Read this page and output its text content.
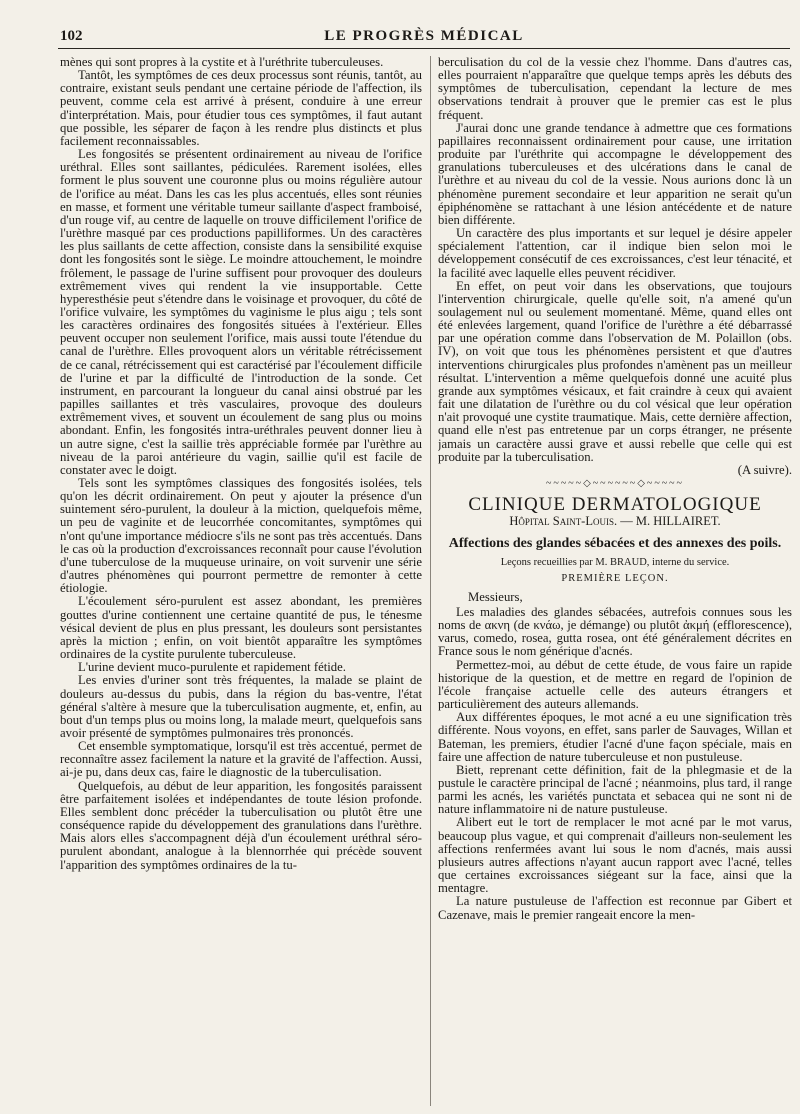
102	LE PROGRÈS MÉDICAL

mènes qui sont propres à la cystite et à l'uréthrite tuberculeuses.

Tantôt, les symptômes de ces deux processus sont réunis, tantôt, au contraire, existant seuls pendant une certaine période de l'affection, ils peuvent, comme cela est arrivé à présent, conduire à une erreur d'interprétation. Mais, pour étudier tous ces symptômes, il faut autant que possible, les séparer de façon à les rendre plus distincts et plus facilement reconnaissables.

Les fongosités se présentent ordinairement au niveau de l'orifice uréthral. Elles sont saillantes, pédiculées. Rarement isolées, elles forment le plus souvent une couronne plus ou moins régulière autour de l'orifice au méat. Dans les cas les plus accentués, elles sont réunies en masse, et forment une véritable tumeur saillante d'aspect framboisé, d'un rouge vif, au centre de laquelle on trouve difficilement l'orifice de l'urèthre masqué par ces productions papilliformes. Un des caractères les plus saillants de cette affection, consiste dans la sensibilité exquise dont les fongosités sont le siège. Le moindre attouchement, le moindre frôlement, le passage de l'urine suffisent pour provoquer des douleurs extrêmement vives qui rendent la vie insupportable. Cette hyperesthésie peut s'étendre dans le voisinage et provoquer, du côté de l'orifice vulvaire, les symptômes du vaginisme le plus aigu ; tels sont les caractères ordinaires des fongosités situées à l'extérieur. Elles peuvent occuper non seulement l'orifice, mais aussi toute l'étendue du canal de l'urèthre. Elles provoquent alors un véritable rétrécissement de ce canal, rétrécissement qui est caractérisé par l'écoulement difficile de l'urine et par la difficulté de l'introduction de la sonde. Cet instrument, en parcourant la longueur du canal ainsi obstrué par les papilles saillantes et très vasculaires, provoque des douleurs extrêmement vives, et souvent un écoulement de sang plus ou moins abondant. Enfin, les fongosités intra-uréthrales peuvent donner lieu à un autre signe, c'est la saillie très appréciable formée par l'urèthre au niveau de la paroi antérieure du vagin, saillie qu'il est facile de constater avec le doigt.

Tels sont les symptômes classiques des fongosités isolées, tels qu'on les décrit ordinairement. On peut y ajouter la présence d'un suintement séro-purulent, la douleur à la miction, quelquefois même, un peu de vaginite et de leucorrhée concomitantes, symptômes qui n'ont qu'une importance médiocre s'ils ne sont pas très accentués. Dans le cas où la production d'excroissances reconnaît pour cause l'évolution d'une tuberculose de la muqueuse urinaire, on voit survenir une série d'autres phénomènes qui pourront permettre de remonter à cette étiologie.

L'écoulement séro-purulent est assez abondant, les premières gouttes d'urine contiennent une certaine quantité de pus, le ténesme vésical devient de plus en plus pressant, les douleurs sont persistantes après la miction ; enfin, on voit bientôt apparaître les symptômes ordinaires de la cystite purulente tuberculeuse.

L'urine devient muco-purulente et rapidement fétide.

Les envies d'uriner sont très fréquentes, la malade se plaint de douleurs au-dessus du pubis, dans la région du bas-ventre, l'état général s'altère à mesure que la tuberculisation augmente, et, enfin, au bout d'un temps plus ou moins long, la malade meurt, quelquefois sans avoir présenté de symptômes pulmonaires très prononcés.

Cet ensemble symptomatique, lorsqu'il est très accentué, permet de reconnaître assez facilement la nature et la gravité de l'affection. Aussi, ai-je pu, dans deux cas, faire le diagnostic de la tuberculisation.

Quelquefois, au début de leur apparition, les fongosités paraissent être parfaitement isolées et indépendantes de toute lésion profonde. Elles semblent donc précéder la tuberculisation ou plutôt être une conséquence rapide du développement des granulations dans l'urèthre. Mais alors elles s'accompagnent déjà d'un écoulement uréthral séro-purulent abondant, analogue à la blennorrhée qui précède souvent l'apparition des symptômes ordinaires de la tu-

berculisation du col de la vessie chez l'homme. Dans d'autres cas, elles pourraient n'apparaître que quelque temps après les débuts des symptômes de tuberculisation, cependant la lecture de mes observations tendrait à prouver que le premier cas est le plus fréquent.

J'aurai donc une grande tendance à admettre que ces formations papillaires reconnaissent ordinairement pour cause, une irritation produite par l'uréthrite qui accompagne le développement des granulations tuberculeuses et des ulcérations dans le canal de l'urèthre et au niveau du col de la vessie. Nous aurions donc là un phénomène purement secondaire et leur apparition ne serait qu'un épiphénomène se rattachant à une lésion antécédente et de nature bien différente.

Un caractère des plus importants et sur lequel je désire appeler spécialement l'attention, car il indique bien selon moi le développement consécutif de ces excroissances, c'est leur ténacité, et la facilité avec laquelle elles peuvent récidiver.

En effet, on peut voir dans les observations, que toujours l'intervention chirurgicale, quelle qu'elle soit, n'a amené qu'un soulagement nul ou seulement momentané. Même, quand elles ont été enlevées largement, quand l'orifice de l'urèthre a été débarrassé par une opération comme dans l'observation de M. Polaillon (obs. IV), on voit que tous les phénomènes persistent et que d'autres interventions chirurgicales plus profondes n'amènent pas un meilleur résultat. L'intervention a même quelquefois donné une acuité plus grande aux symptômes vésicaux, et fait craindre à ceux qui avaient fait une dilatation de l'urèthre ou du col vésical que leur opération n'ait provoqué une cystite traumatique. Mais, cette dernière affection, quand elle n'est pas entretenue par un corps étranger, ne présente jamais un caractère aussi grave et aussi rebelle que celle qui est produite par la tuberculisation.

(A suivre).

~~~~~◇~~~~~~◇~~~~~
CLINIQUE DERMATOLOGIQUE
Hôpital Saint-Louis. — M. HILLAIRET.
Affections des glandes sébacées et des annexes des poils.
Leçons recueillies par M. BRAUD, interne du service.
PREMIÈRE LEÇON.

Messieurs,

Les maladies des glandes sébacées, autrefois connues sous les noms de ακνη (de κνάω, je démange) ou plutôt ἀκμή (efflorescence), varus, comedo, rosea, gutta rosea, ont été généralement décrites en France sous le nom générique d'acnés.

Permettez-moi, au début de cette étude, de vous faire un rapide historique de la question, et de mettre en regard de l'opinion de l'école française actuelle celle des auteurs étrangers et particulièrement des auteurs allemands.

Aux différentes époques, le mot acné a eu une signification très différente. Nous voyons, en effet, sans parler de Sauvages, Willan et Bateman, les premiers, étudier l'acné d'une façon spéciale, mais en faire une affection de nature tuberculeuse et non pustuleuse.

Biett, reprenant cette définition, fait de la phlegmasie et de la pustule le caractère principal de l'acné ; néanmoins, plus tard, il range parmi les acnés, les variétés punctata et sebacea qui ne sont ni de nature inflammatoire ni de nature pustuleuse.

Alibert eut le tort de remplacer le mot acné par le mot varus, beaucoup plus vague, et qui comprenait d'ailleurs non-seulement les affections renfermées avant lui sous le nom d'acnés, mais aussi plusieurs autres affections n'ayant aucun rapport avec l'acné, telles que certaines excroissances siégeant sur la face, ainsi que la mentagre.

La nature pustuleuse de l'affection est reconnue par Gibert et Cazenave, mais le premier rangeait encore la men-
